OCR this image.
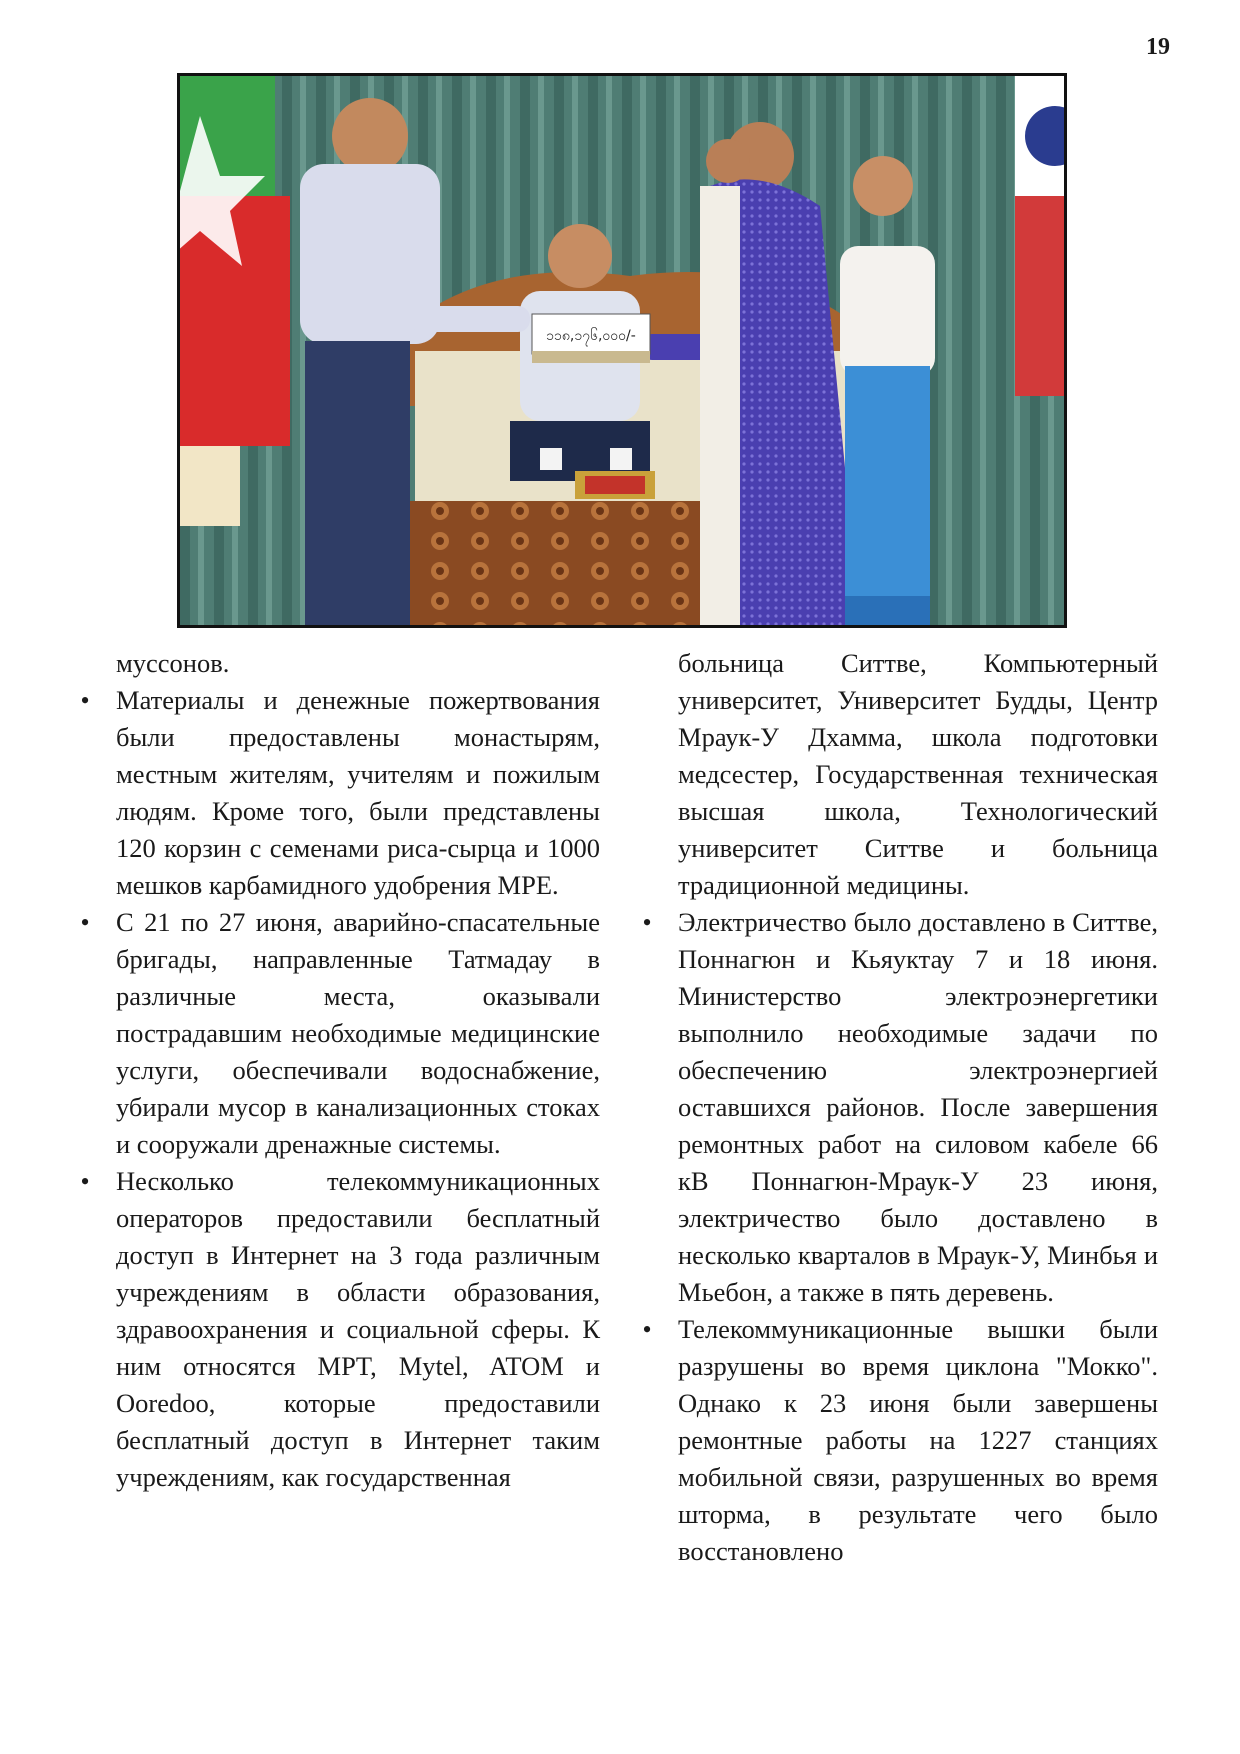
19
၁၁၈,၁၇၆,၀၀၀/-
муссонов.
• Материалы и денежные пожертвования были предоставлены монастырям, местным жителям, учителям и пожилым людям. Кроме того, были представлены 120 корзин с семенами риса-сырца и 1000 мешков карбамидного удобрения MPE.
• С 21 по 27 июня, аварийно-спасательные бригады, направленные Татмадау в различные места, оказывали пострадавшим необходимые медицинские услуги, обеспечивали водоснабжение, убирали мусор в канализационных стоках и сооружали дренажные системы.
• Несколько телекоммуникационных операторов предоставили бесплатный доступ в Интернет на 3 года различным учреждениям в области образования, здравоохранения и социальной сферы. К ним относятся MPT, Mytel, ATOM и Ooredoo, которые предоставили бесплатный доступ в Интернет таким учреждениям, как государственная
больница Ситтве, Компьютерный университет, Университет Будды, Центр Мраук-У Дхамма, школа подготовки медсестер, Государственная техническая высшая школа, Технологический университет Ситтве и больница традиционной медицины.
• Электричество было доставлено в Ситтве, Поннагюн и Кьяуктау 7 и 18 июня. Министерство электроэнергетики выполнило необходимые задачи по обеспечению электроэнергией оставшихся районов. После завершения ремонтных работ на силовом кабеле 66 кВ Поннагюн-Мраук-У 23 июня, электричество было доставлено в несколько кварталов в Мраук-У, Минбья и Мьебон, а также в пять деревень.
• Телекоммуникационные вышки были разрушены во время циклона "Мокко". Однако к 23 июня были завершены ремонтные работы на 1227 станциях мобильной связи, разрушенных во время шторма, в результате чего было восстановлено
